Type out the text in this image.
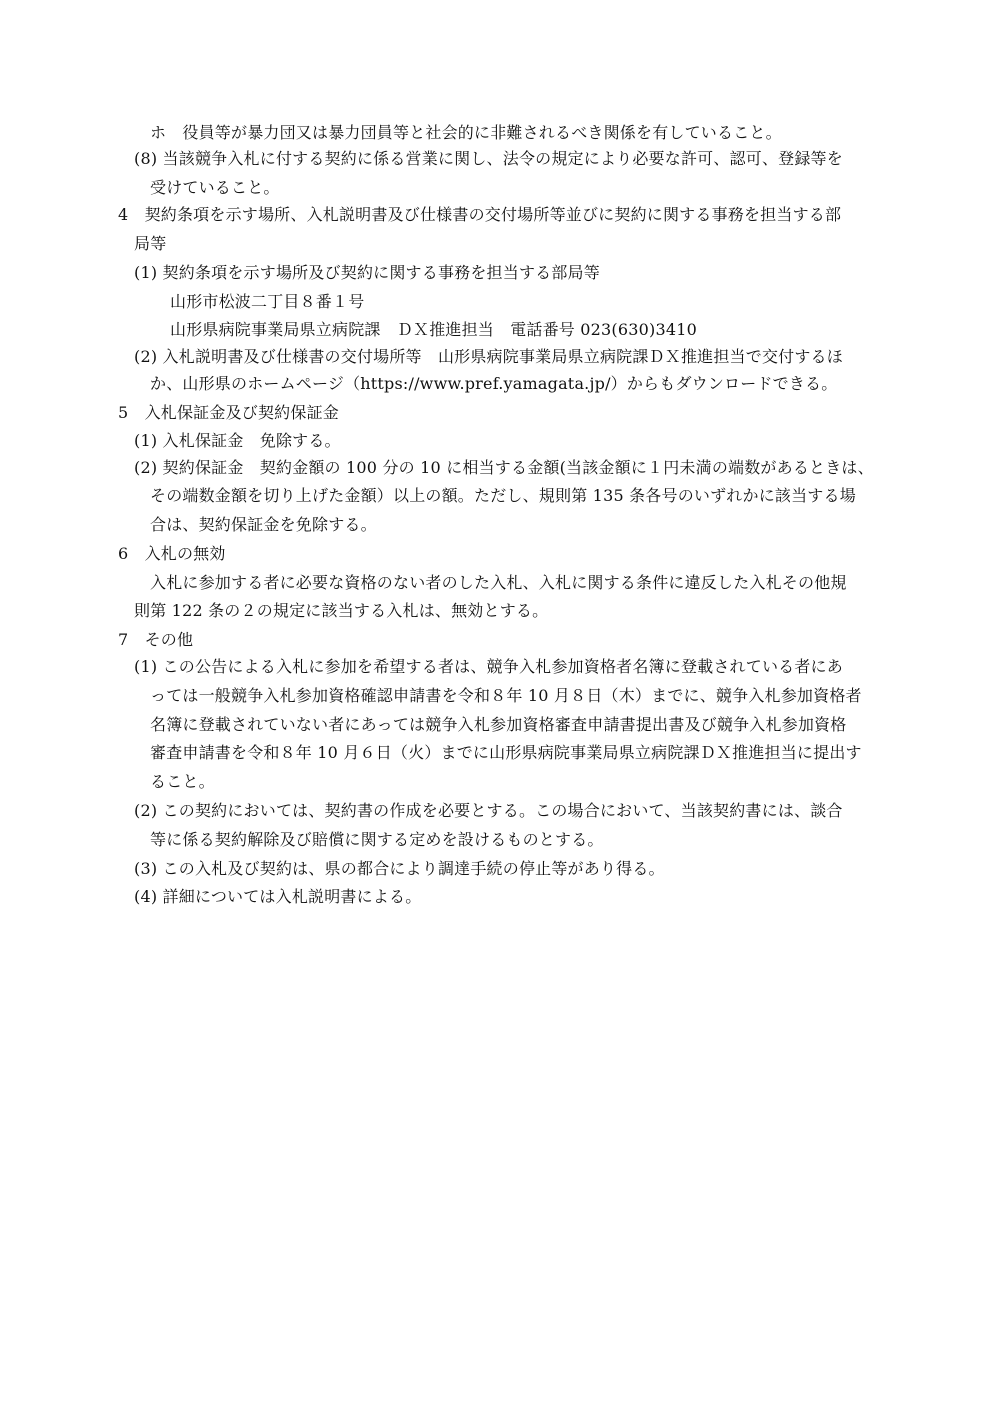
ホ　役員等が暴力団又は暴力団員等と社会的に非難されるべき関係を有していること。
(8) 当該競争入札に付する契約に係る営業に関し、法令の規定により必要な許可、認可、登録等を
受けていること。
4　契約条項を示す場所、入札説明書及び仕様書の交付場所等並びに契約に関する事務を担当する部
局等
(1) 契約条項を示す場所及び契約に関する事務を担当する部局等
山形市松波二丁目８番１号
山形県病院事業局県立病院課　ＤＸ推進担当　電話番号 023(630)3410
(2) 入札説明書及び仕様書の交付場所等　山形県病院事業局県立病院課ＤＸ推進担当で交付するほ
か、山形県のホームページ（https://www.pref.yamagata.jp/）からもダウンロードできる。
5　入札保証金及び契約保証金
(1) 入札保証金　免除する。
(2) 契約保証金　契約金額の 100 分の 10 に相当する金額(当該金額に１円未満の端数があるときは、
その端数金額を切り上げた金額）以上の額。ただし、規則第 135 条各号のいずれかに該当する場
合は、契約保証金を免除する。
6　入札の無効
入札に参加する者に必要な資格のない者のした入札、入札に関する条件に違反した入札その他規
則第 122 条の２の規定に該当する入札は、無効とする。
7　その他
(1) この公告による入札に参加を希望する者は、競争入札参加資格者名簿に登載されている者にあ
っては一般競争入札参加資格確認申請書を令和８年 10 月８日（木）までに、競争入札参加資格者
名簿に登載されていない者にあっては競争入札参加資格審査申請書提出書及び競争入札参加資格
審査申請書を令和８年 10 月６日（火）までに山形県病院事業局県立病院課ＤＸ推進担当に提出す
ること。
(2) この契約においては、契約書の作成を必要とする。この場合において、当該契約書には、談合
等に係る契約解除及び賠償に関する定めを設けるものとする。
(3) この入札及び契約は、県の都合により調達手続の停止等があり得る。
(4) 詳細については入札説明書による。
